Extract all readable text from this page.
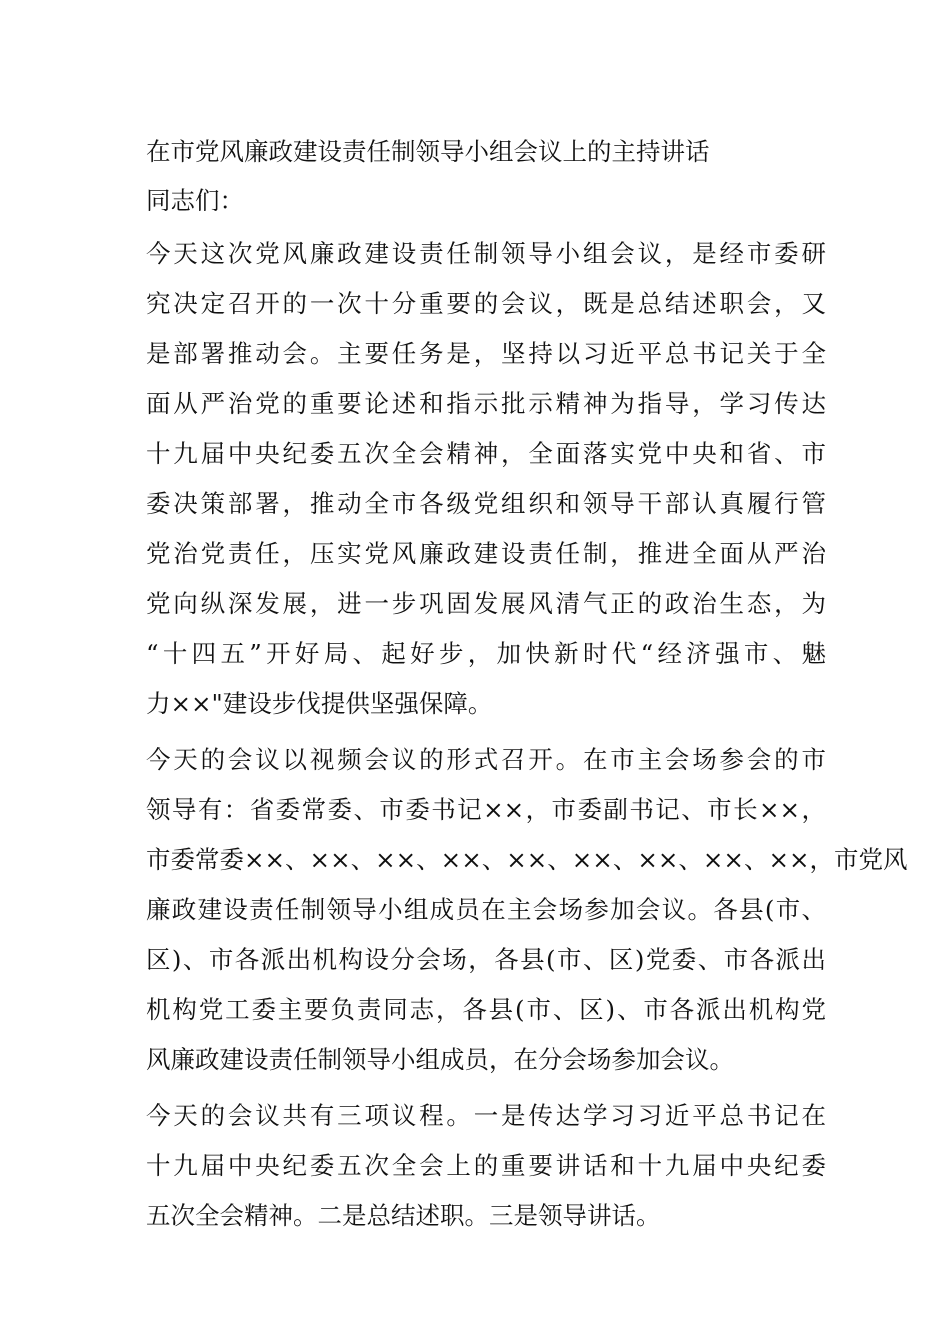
在市党风廉政建设责任制领导小组会议上的主持讲话
同志们：
今天这次党风廉政建设责任制领导小组会议，是经市委研
究决定召开的一次十分重要的会议，既是总结述职会，又
是部署推动会。主要任务是，坚持以习近平总书记关于全
面从严治党的重要论述和指示批示精神为指导，学习传达
十九届中央纪委五次全会精神，全面落实党中央和省、市
委决策部署，推动全市各级党组织和领导干部认真履行管
党治党责任，压实党风廉政建设责任制，推进全面从严治
党向纵深发展，进一步巩固发展风清气正的政治生态，为
“十四五”开好局、起好步，加快新时代“经济强市、魅
力××"建设步伐提供坚强保障。
今天的会议以视频会议的形式召开。在市主会场参会的市
领导有：省委常委、市委书记××，市委副书记、市长××，
市委常委××、××、××、××、××、××、××、××、××，市党风
廉政建设责任制领导小组成员在主会场参加会议。各县(市、
区)、市各派出机构设分会场，各县(市、区)党委、市各派出
机构党工委主要负责同志，各县(市、区)、市各派出机构党
风廉政建设责任制领导小组成员，在分会场参加会议。
今天的会议共有三项议程。一是传达学习习近平总书记在
十九届中央纪委五次全会上的重要讲话和十九届中央纪委
五次全会精神。二是总结述职。三是领导讲话。
